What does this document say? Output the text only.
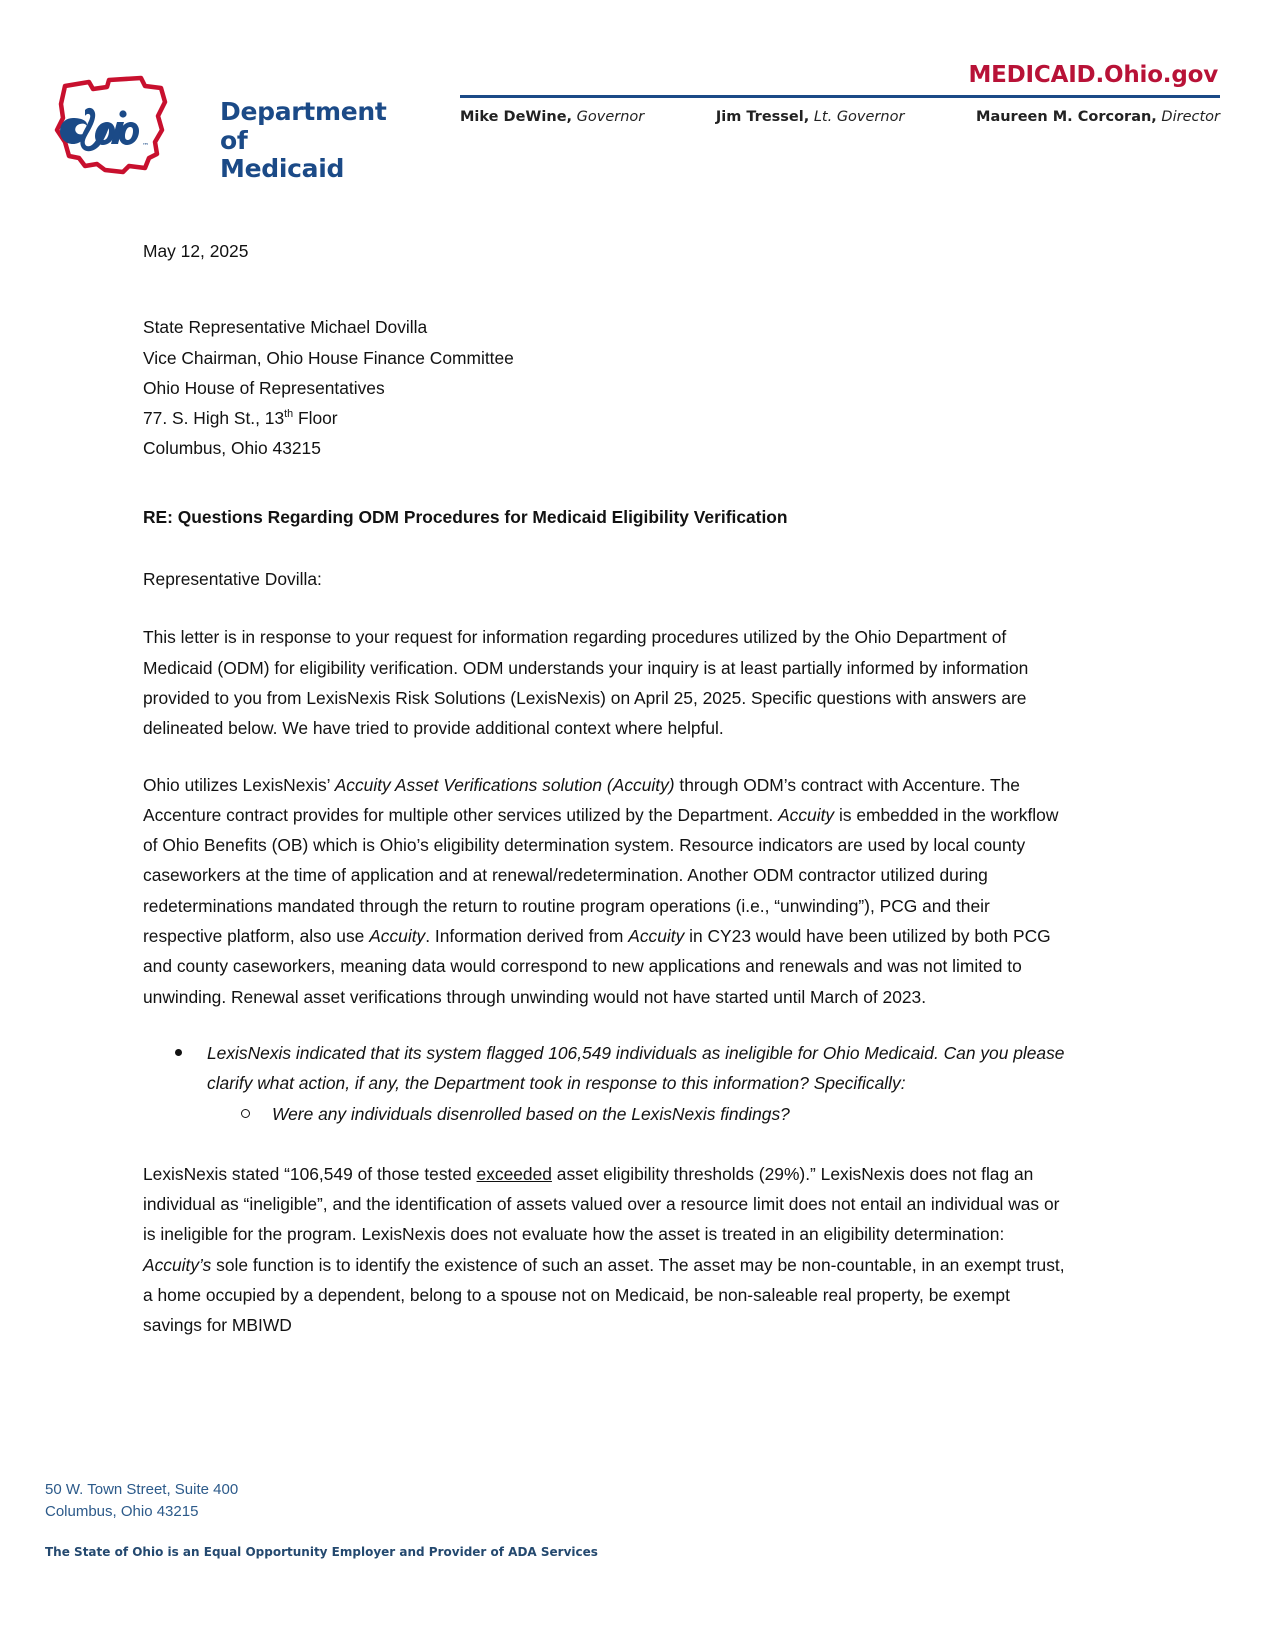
™
Department of
Medicaid
MEDICAID.Ohio.gov
Mike DeWine, Governor	Jim Tressel, Lt. Governor	Maureen M. Corcoran, Director

May 12, 2025

State Representative Michael Dovilla

Vice Chairman, Ohio House Finance Committee

Ohio House of Representatives

77. S. High St., 13th Floor

Columbus, Ohio 43215

RE: Questions Regarding ODM Procedures for Medicaid Eligibility Verification

Representative Dovilla:

This letter is in response to your request for information regarding procedures utilized by the Ohio Department of Medicaid (ODM) for eligibility verification. ODM understands your inquiry is at least partially informed by information provided to you from LexisNexis Risk Solutions (LexisNexis) on April 25, 2025. Specific questions with answers are delineated below. We have tried to provide additional context where helpful.

Ohio utilizes LexisNexis’ Accuity Asset Verifications solution (Accuity) through ODM’s contract with Accenture. The Accenture contract provides for multiple other services utilized by the Department. Accuity is embedded in the workflow of Ohio Benefits (OB) which is Ohio’s eligibility determination system. Resource indicators are used by local county caseworkers at the time of application and at renewal/redetermination. Another ODM contractor utilized during redeterminations mandated through the return to routine program operations (i.e., “unwinding”), PCG and their respective platform, also use Accuity. Information derived from Accuity in CY23 would have been utilized by both PCG and county caseworkers, meaning data would correspond to new applications and renewals and was not limited to unwinding. Renewal asset verifications through unwinding would not have started until March of 2023.

LexisNexis indicated that its system flagged 106,549 individuals as ineligible for Ohio Medicaid. Can you please clarify what action, if any, the Department took in response to this information? Specifically:
Were any individuals disenrolled based on the LexisNexis findings?

LexisNexis stated “106,549 of those tested exceeded asset eligibility thresholds (29%).” LexisNexis does not flag an individual as “ineligible”, and the identification of assets valued over a resource limit does not entail an individual was or is ineligible for the program. LexisNexis does not evaluate how the asset is treated in an eligibility determination: Accuity’s sole function is to identify the existence of such an asset. The asset may be non-countable, in an exempt trust, a home occupied by a dependent, belong to a spouse not on Medicaid, be non-saleable real property, be exempt savings for MBIWD

50 W. Town Street, Suite 400
Columbus, Ohio 43215
The State of Ohio is an Equal Opportunity Employer and Provider of ADA Services
